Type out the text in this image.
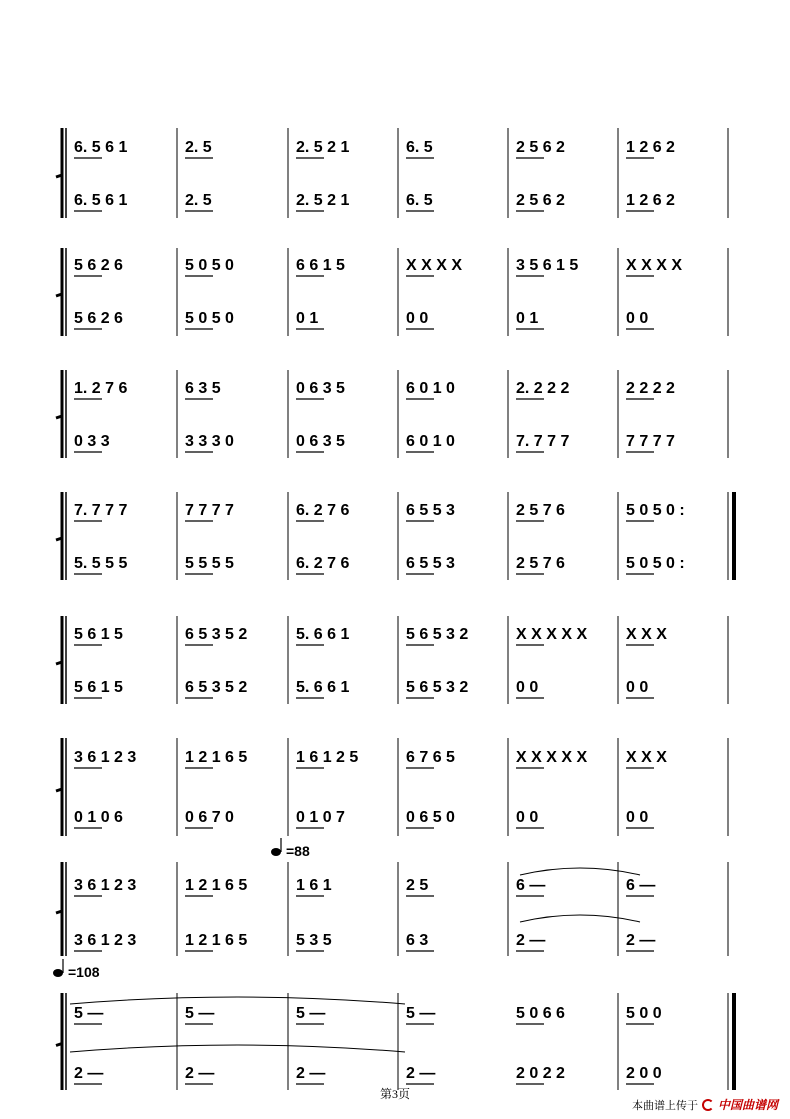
6. 5 6 1
6. 5 6 1
2. 5
2. 5
2. 5 2 1
2. 5 2 1
6. 5
6. 5
2 5 6 2
2 5 6 2
1 2 6 2
1 2 6 2
5 6 2 6
5 6 2 6
5 0 5 0
5 0 5 0
6 6 1 5
0 1
X X X X
0 0
3 5 6 1 5
0 1
X X X X
0 0
1. 2 7 6
0 3 3
6 3 5
3 3 3 0
0 6 3 5
0 6 3 5
6 0 1 0
6 0 1 0
2. 2 2 2
7. 7 7 7
2 2 2 2
7 7 7 7
7. 7 7 7
5. 5 5 5
7 7 7 7
5 5 5 5
6. 2 7 6
6. 2 7 6
6 5 5 3
6 5 5 3
2 5 7 6
2 5 7 6
5 0 5 0 :
5 0 5 0 :
5 6 1 5
5 6 1 5
6 5 3 5 2
6 5 3 5 2
5. 6 6 1
5. 6 6 1
5 6 5 3 2
5 6 5 3 2
X X X X X
0 0
X X X
0 0
3 6 1 2 3
0 1 0 6
1 2 1 6 5
0 6 7 0
1 6 1 2 5
0 1 0 7
6 7 6 5
0 6 5 0
X X X X X
0 0
X X X
0 0
3 6 1 2 3
3 6 1 2 3
1 2 1 6 5
1 2 1 6 5
1 6 1
5 3 5
2 5
6 3
6 —
2 —
6 —
2 —
5 —
2 —
5 —
2 —
5 —
2 —
5 —
2 —
5 0 6 6
2 0 2 2
5 0 0
2 0 0
=88
=108
第3页
本曲谱上传于 中国曲谱网
